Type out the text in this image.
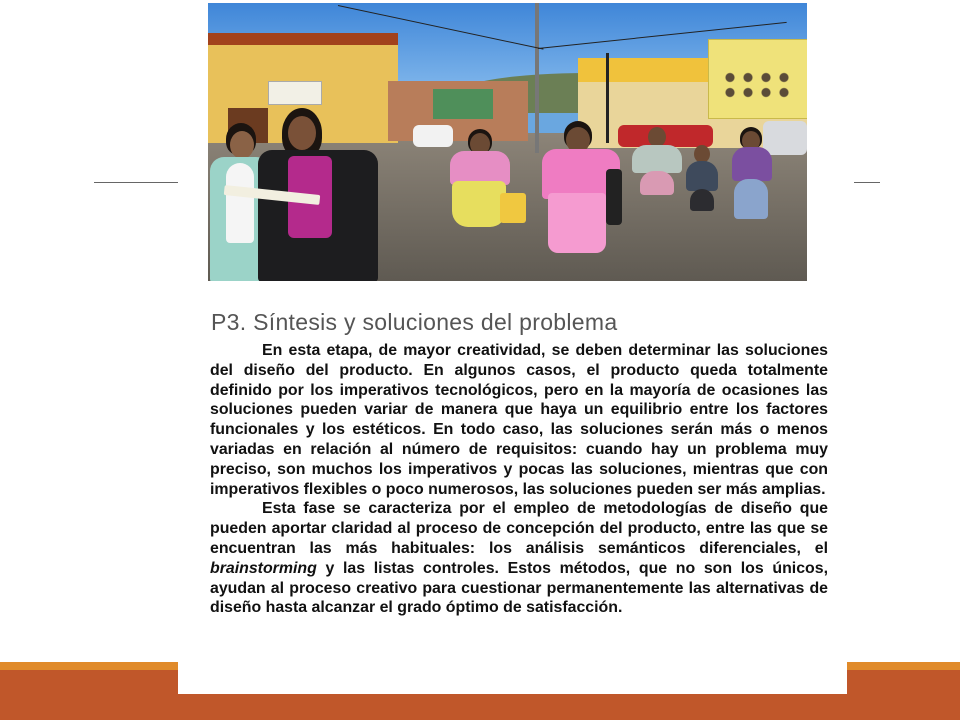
P3. Síntesis y soluciones del problema

En esta etapa, de mayor creatividad, se deben determinar las soluciones del diseño del producto. En algunos casos, el producto queda totalmente definido por los imperativos tecnológicos, pero en la mayoría de ocasiones las soluciones pueden variar de manera que haya un equilibrio entre los factores funcionales y los estéticos. En todo caso, las soluciones serán más o menos variadas en relación al número de requisitos: cuando hay un problema muy preciso, son muchos los imperativos y pocas las soluciones, mientras que con imperativos flexibles o poco numerosos, las soluciones pueden ser más amplias.

Esta fase se caracteriza por el empleo de metodologías de diseño que pueden aportar claridad al proceso de concepción del producto, entre las que se encuentran las más habituales: los análisis semánticos diferenciales, el brainstorming y las listas controles. Estos métodos, que no son los únicos, ayudan al proceso creativo para cuestionar permanentemente las alternativas de diseño hasta alcanzar el grado óptimo de satisfacción.
